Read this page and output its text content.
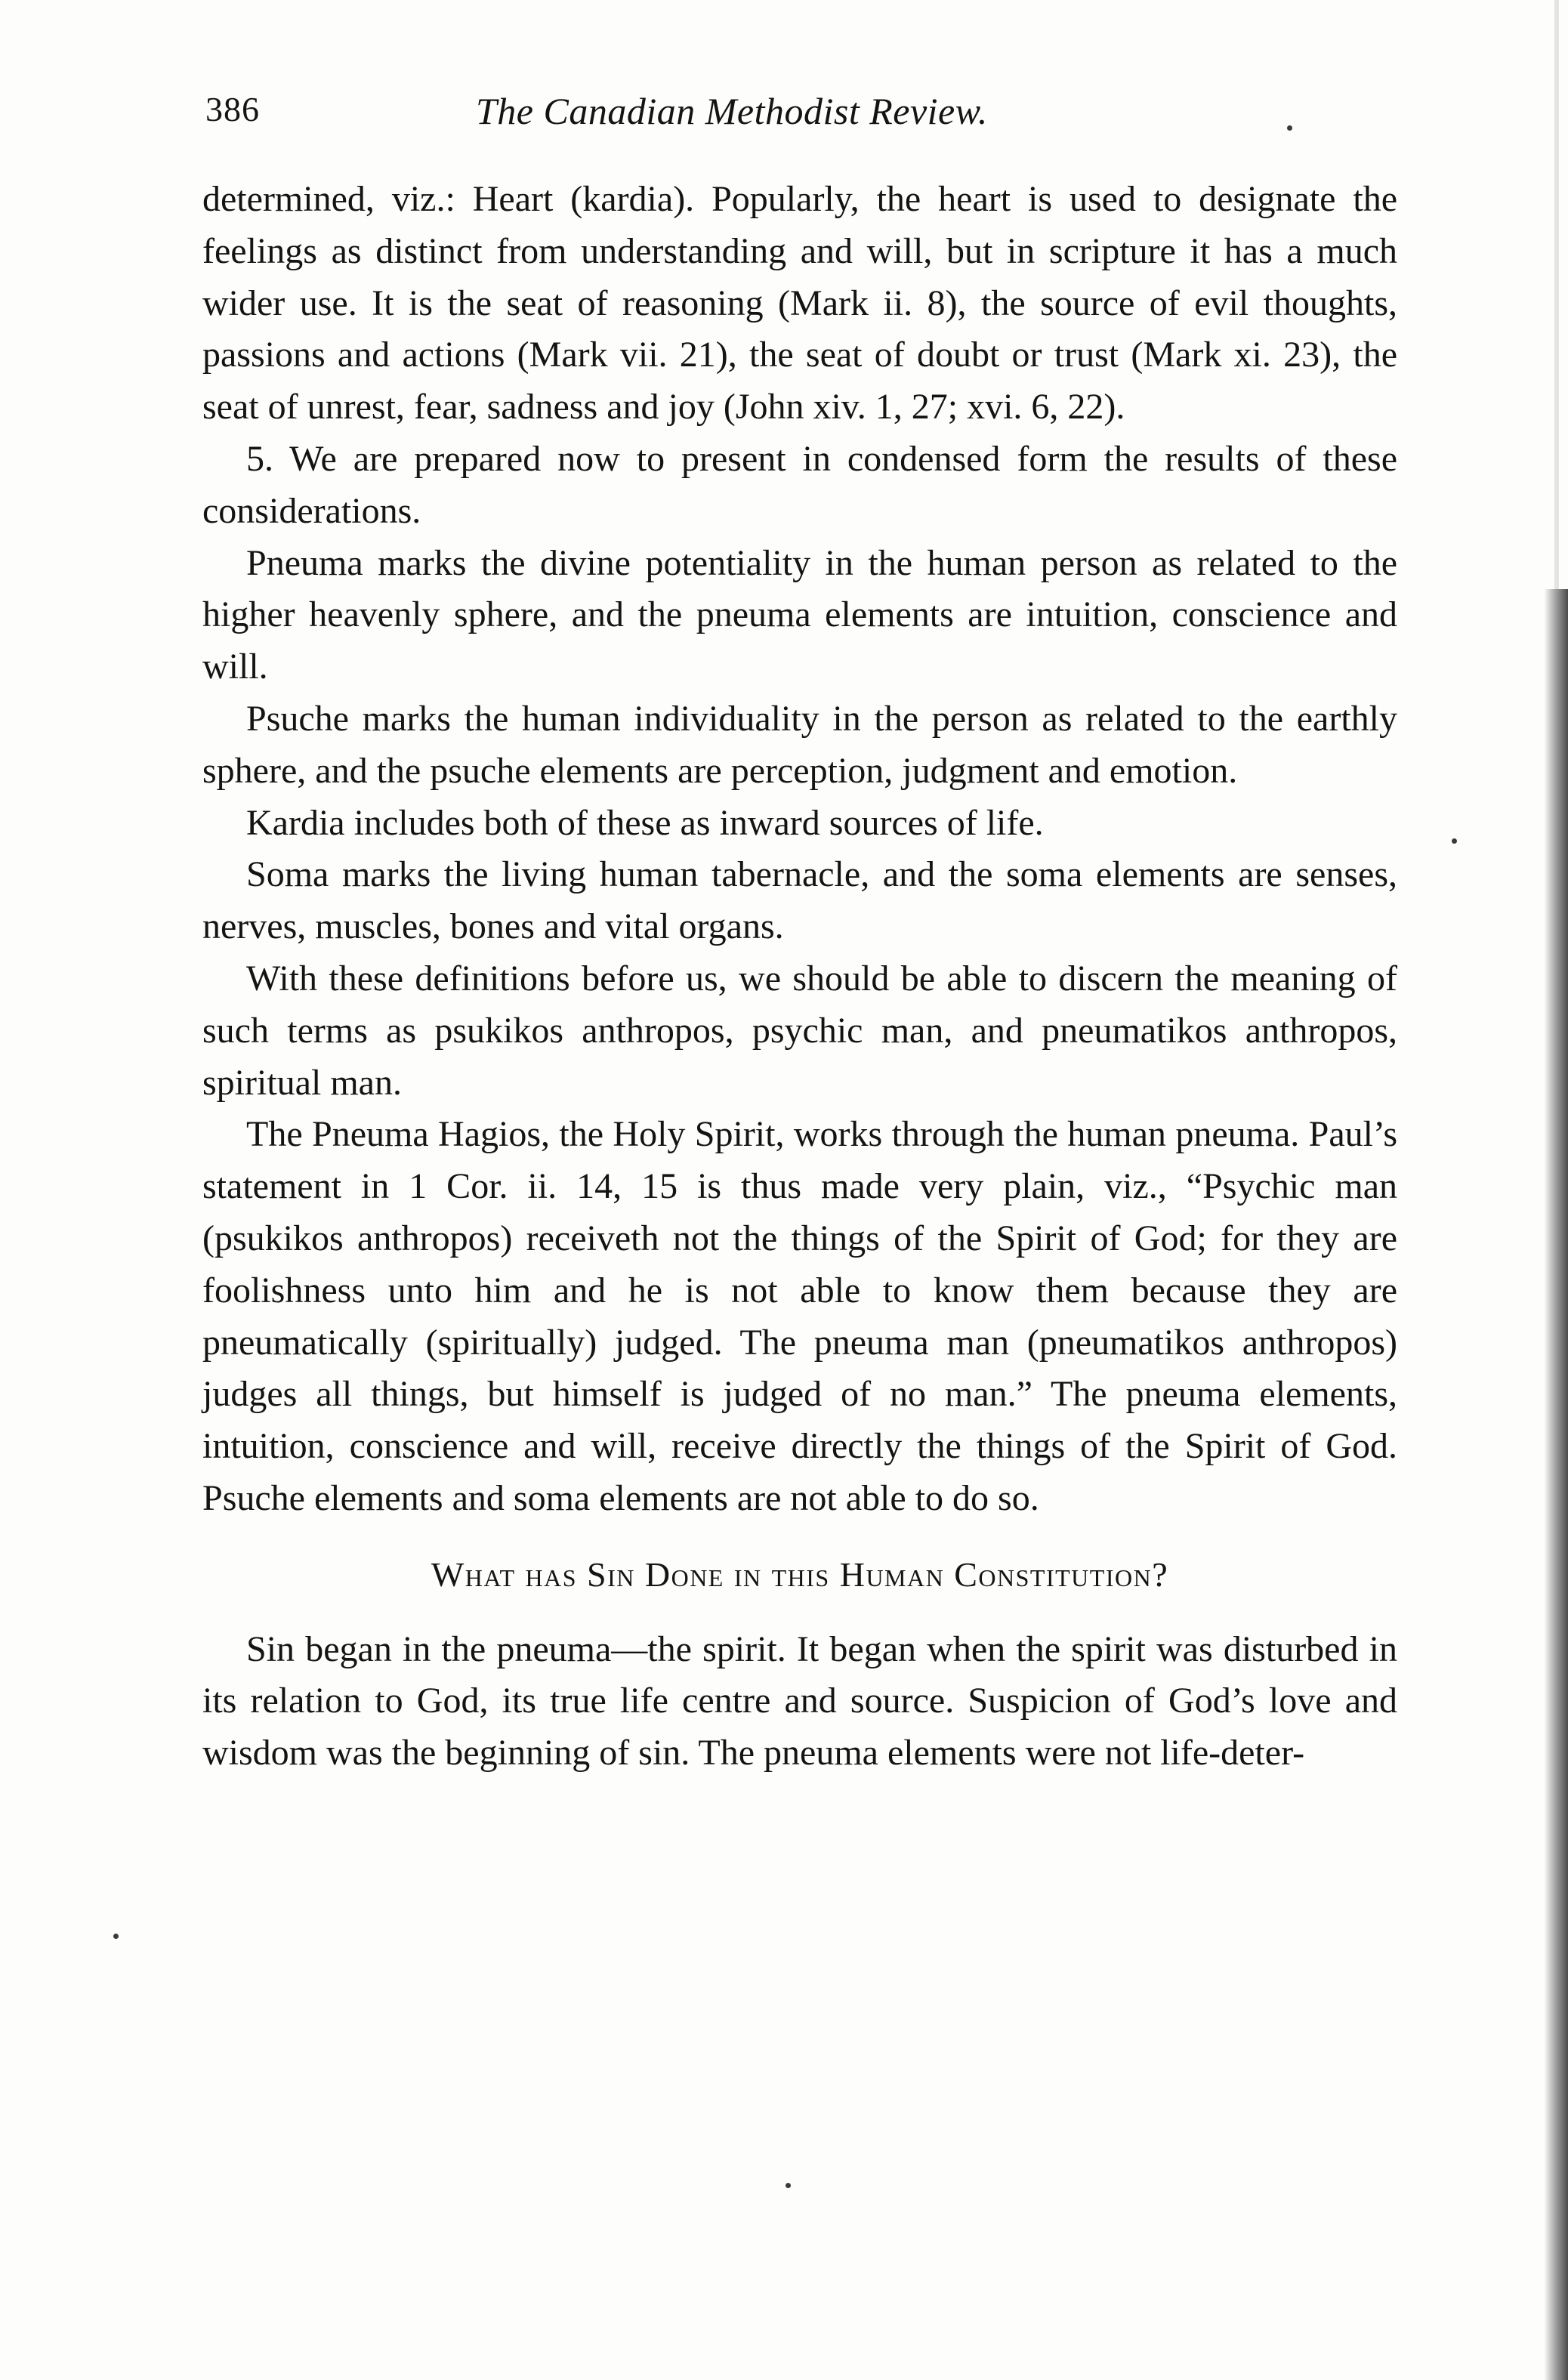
386	The Canadian Methodist Review.

determined, viz.: Heart (kardia). Popularly, the heart is used to designate the feelings as distinct from understanding and will, but in scripture it has a much wider use. It is the seat of reasoning (Mark ii. 8), the source of evil thoughts, passions and actions (Mark vii. 21), the seat of doubt or trust (Mark xi. 23), the seat of unrest, fear, sadness and joy (John xiv. 1, 27; xvi. 6, 22).

5. We are prepared now to present in condensed form the results of these considerations.

Pneuma marks the divine potentiality in the human person as related to the higher heavenly sphere, and the pneuma elements are intuition, conscience and will.

Psuche marks the human individuality in the person as related to the earthly sphere, and the psuche elements are perception, judgment and emotion.

Kardia includes both of these as inward sources of life.

Soma marks the living human tabernacle, and the soma elements are senses, nerves, muscles, bones and vital organs.

With these definitions before us, we should be able to discern the meaning of such terms as psukikos anthropos, psychic man, and pneumatikos anthropos, spiritual man.

The Pneuma Hagios, the Holy Spirit, works through the human pneuma. Paul’s statement in 1 Cor. ii. 14, 15 is thus made very plain, viz., “Psychic man (psukikos anthropos) receiveth not the things of the Spirit of God; for they are foolishness unto him and he is not able to know them because they are pneumatically (spiritually) judged. The pneuma man (pneumatikos anthropos) judges all things, but himself is judged of no man.” The pneuma elements, intuition, conscience and will, receive directly the things of the Spirit of God. Psuche elements and soma elements are not able to do so.

What has Sin Done in this Human Constitution?

Sin began in the pneuma—the spirit. It began when the spirit was disturbed in its relation to God, its true life centre and source. Suspicion of God’s love and wisdom was the beginning of sin. The pneuma elements were not life-deter-
